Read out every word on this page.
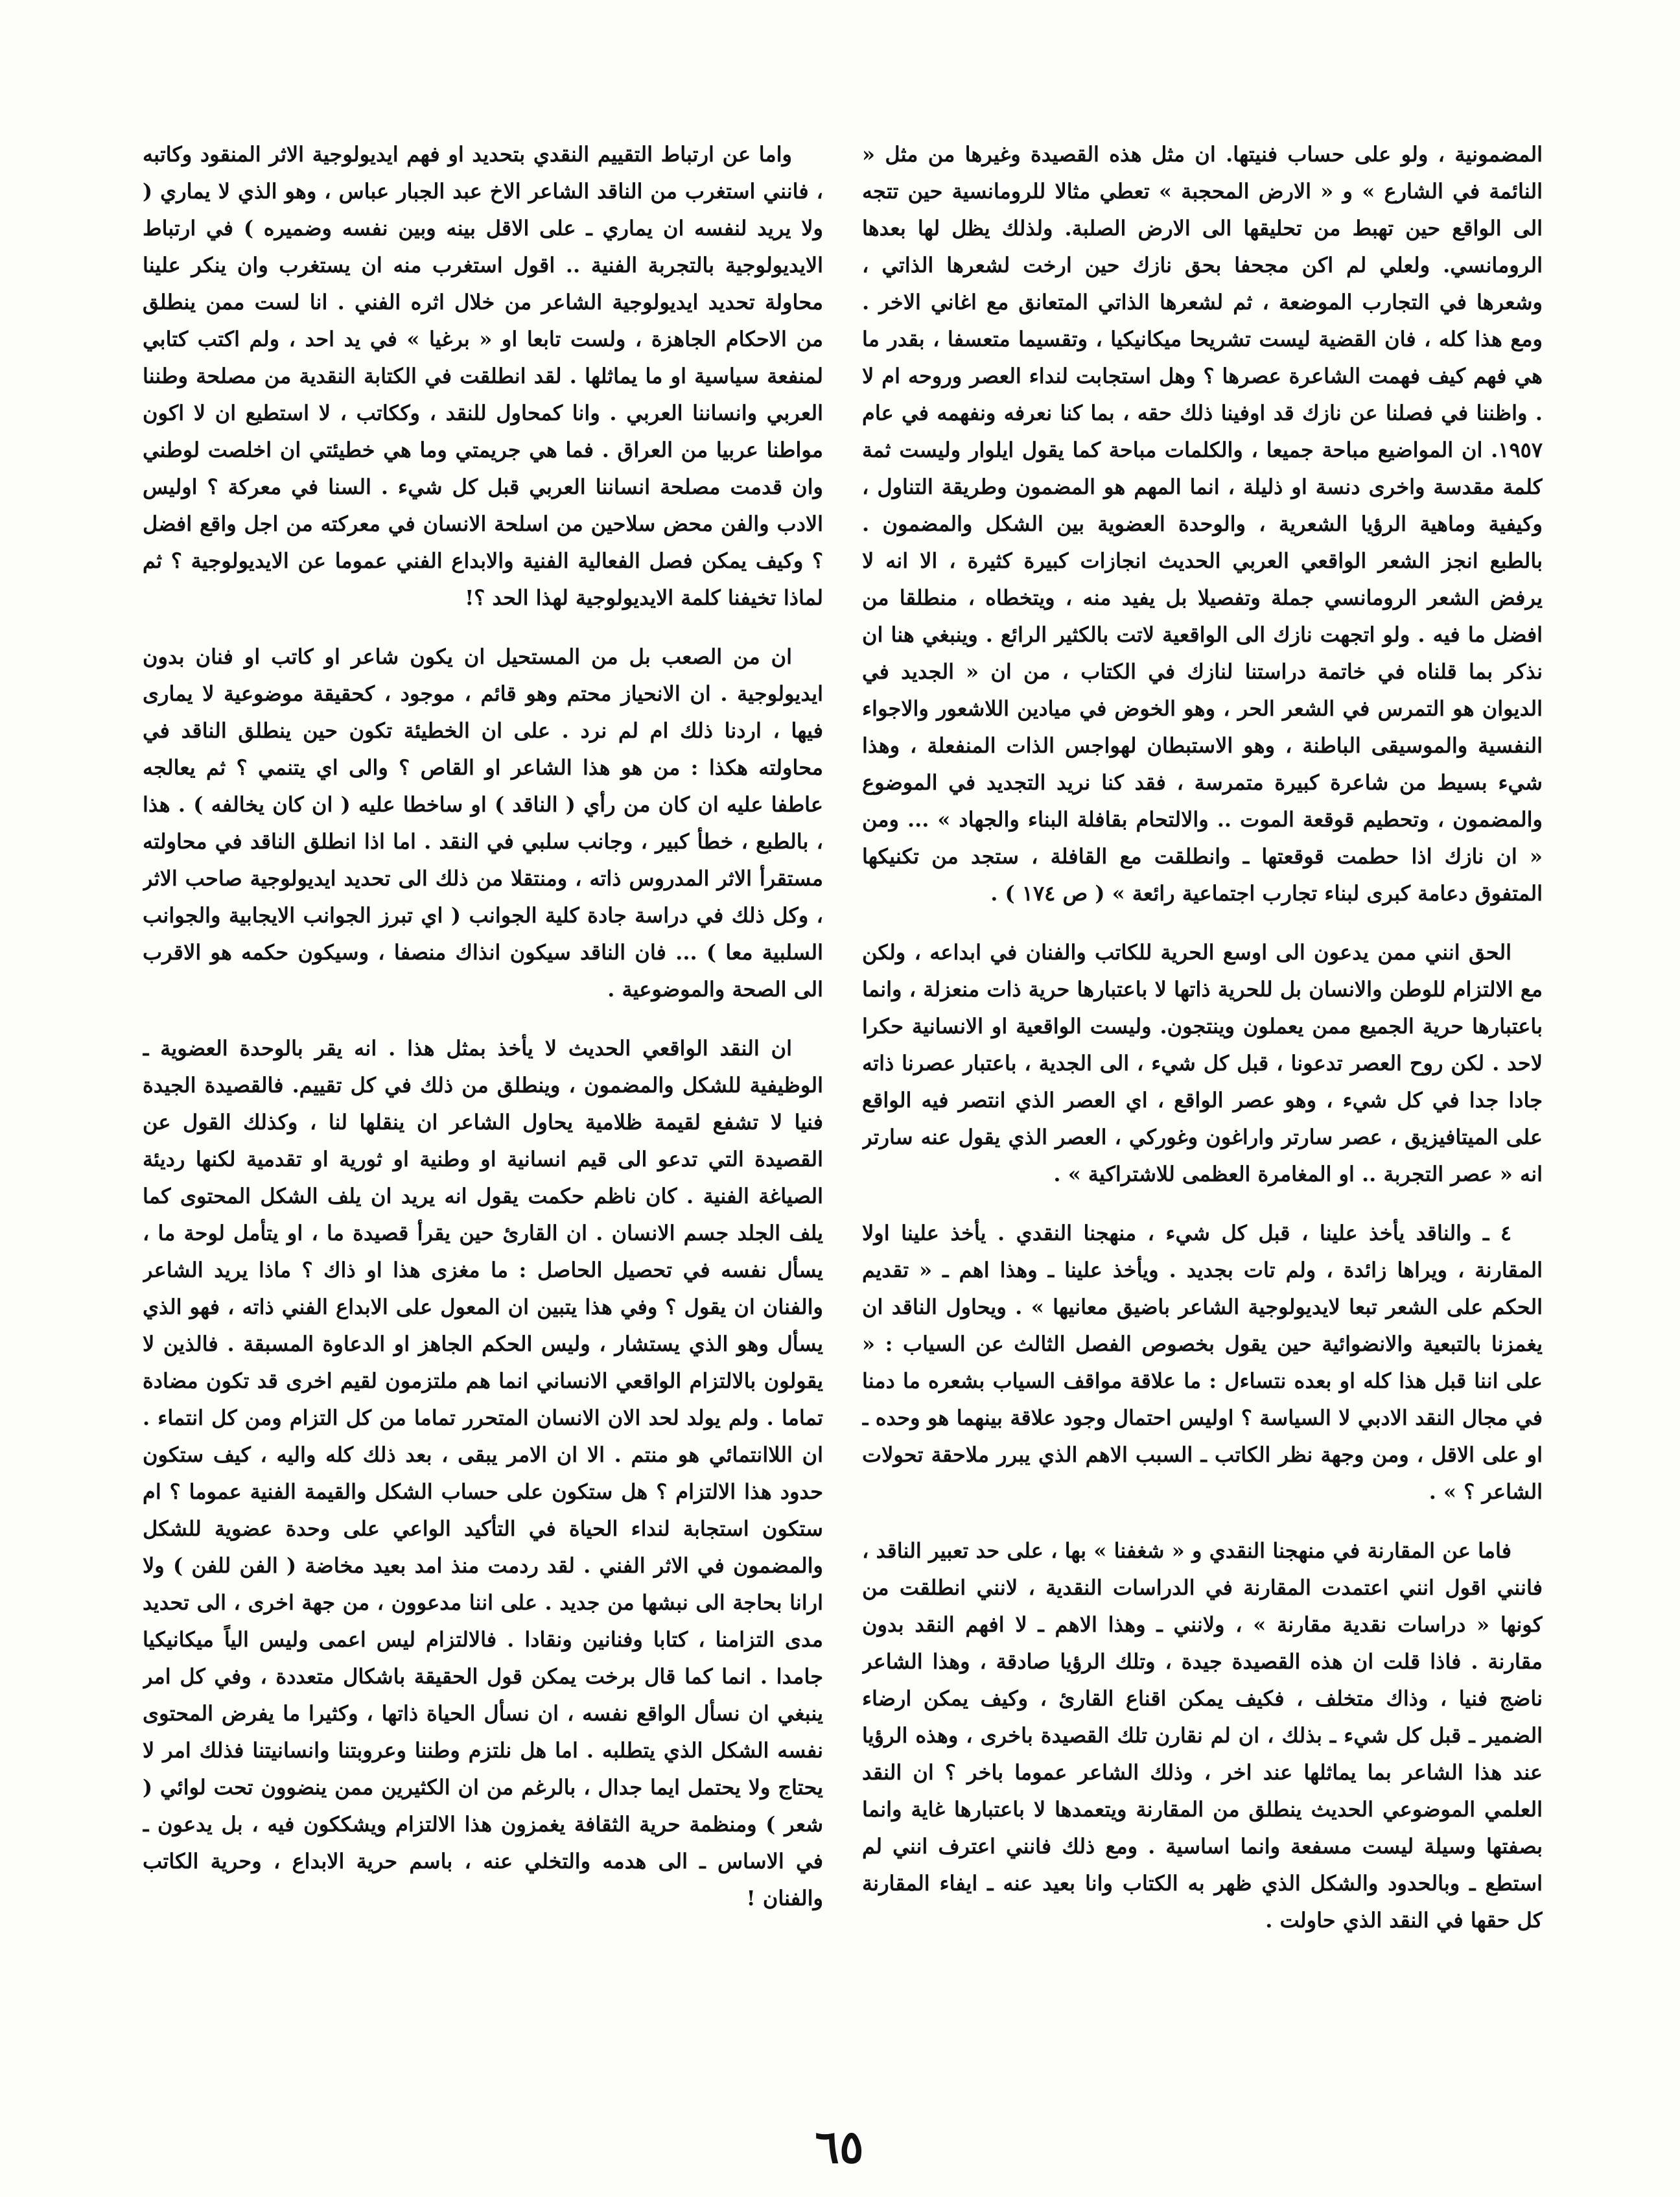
المضمونية ، ولو على حساب فنيتها. ان مثل هذه القصيدة وغيرها من مثل « النائمة في الشارع » و « الارض المحجبة » تعطي مثالا للرومانسية حين تتجه الى الواقع حين تهبط من تحليقها الى الارض الصلبة. ولذلك يظل لها بعدها الرومانسي. ولعلي لم اكن مجحفا بحق نازك حين ارخت لشعرها الذاتي ، وشعرها في التجارب الموضعة ، ثم لشعرها الذاتي المتعانق مع اغاني الاخر . ومع هذا كله ، فان القضية ليست تشريحا ميكانيكيا ، وتقسيما متعسفا ، بقدر ما هي فهم كيف فهمت الشاعرة عصرها ؟ وهل استجابت لنداء العصر وروحه ام لا . واظننا في فصلنا عن نازك قد اوفينا ذلك حقه ، بما كنا نعرفه ونفهمه في عام ١٩٥٧. ان المواضيع مباحة جميعا ، والكلمات مباحة كما يقول ايلوار وليست ثمة كلمة مقدسة واخرى دنسة او ذليلة ، انما المهم هو المضمون وطريقة التناول ، وكيفية وماهية الرؤيا الشعرية ، والوحدة العضوية بين الشكل والمضمون . بالطبع انجز الشعر الواقعي العربي الحديث انجازات كبيرة كثيرة ، الا انه لا يرفض الشعر الرومانسي جملة وتفصيلا بل يفيد منه ، ويتخطاه ، منطلقا من افضل ما فيه . ولو اتجهت نازك الى الواقعية لاتت بالكثير الرائع . وينبغي هنا ان نذكر بما قلناه في خاتمة دراستنا لنازك في الكتاب ، من ان « الجديد في الديوان هو التمرس في الشعر الحر ، وهو الخوض في ميادين اللاشعور والاجواء النفسية والموسيقى الباطنة ، وهو الاستبطان لهواجس الذات المنفعلة ، وهذا شيء بسيط من شاعرة كبيرة متمرسة ، فقد كنا نريد التجديد في الموضوع والمضمون ، وتحطيم قوقعة الموت .. والالتحام بقافلة البناء والجهاد » ... ومن « ان نازك اذا حطمت قوقعتها ـ وانطلقت مع القافلة ، ستجد من تكنيكها المتفوق دعامة كبرى لبناء تجارب اجتماعية رائعة » ( ص ١٧٤ ) .

الحق انني ممن يدعون الى اوسع الحرية للكاتب والفنان في ابداعه ، ولكن مع الالتزام للوطن والانسان بل للحرية ذاتها لا باعتبارها حرية ذات منعزلة ، وانما باعتبارها حرية الجميع ممن يعملون وينتجون. وليست الواقعية او الانسانية حكرا لاحد . لكن روح العصر تدعونا ، قبل كل شيء ، الى الجدية ، باعتبار عصرنا ذاته جادا جدا في كل شيء ، وهو عصر الواقع ، اي العصر الذي انتصر فيه الواقع على الميتافيزيق ، عصر سارتر واراغون وغوركي ، العصر الذي يقول عنه سارتر انه « عصر التجربة .. او المغامرة العظمى للاشتراكية » .

٤ ـ والناقد يأخذ علينا ، قبل كل شيء ، منهجنا النقدي . يأخذ علينا اولا المقارنة ، ويراها زائدة ، ولم تات بجديد . ويأخذ علينا ـ وهذا اهم ـ « تقديم الحكم على الشعر تبعا لايديولوجية الشاعر باضيق معانيها » . ويحاول الناقد ان يغمزنا بالتبعية والانضوائية حين يقول بخصوص الفصل الثالث عن السياب : « على اننا قبل هذا كله او بعده نتساءل : ما علاقة مواقف السياب بشعره ما دمنا في مجال النقد الادبي لا السياسة ؟ اوليس احتمال وجود علاقة بينهما هو وحده ـ او على الاقل ، ومن وجهة نظر الكاتب ـ السبب الاهم الذي يبرر ملاحقة تحولات الشاعر ؟ » .

فاما عن المقارنة في منهجنا النقدي و « شغفنا » بها ، على حد تعبير الناقد ، فانني اقول انني اعتمدت المقارنة في الدراسات النقدية ، لانني انطلقت من كونها « دراسات نقدية مقارنة » ، ولانني ـ وهذا الاهم ـ لا افهم النقد بدون مقارنة . فاذا قلت ان هذه القصيدة جيدة ، وتلك الرؤيا صادقة ، وهذا الشاعر ناضج فنيا ، وذاك متخلف ، فكيف يمكن اقناع القارئ ، وكيف يمكن ارضاء الضمير ـ قبل كل شيء ـ بذلك ، ان لم نقارن تلك القصيدة باخرى ، وهذه الرؤيا عند هذا الشاعر بما يماثلها عند اخر ، وذلك الشاعر عموما باخر ؟ ان النقد العلمي الموضوعي الحديث ينطلق من المقارنة ويتعمدها لا باعتبارها غاية وانما بصفتها وسيلة ليست مسفعة وانما اساسية . ومع ذلك فانني اعترف انني لم استطع ـ وبالحدود والشكل الذي ظهر به الكتاب وانا بعيد عنه ـ ايفاء المقارنة كل حقها في النقد الذي حاولت .

واما عن ارتباط التقييم النقدي بتحديد او فهم ايديولوجية الاثر المنقود وكاتبه ، فانني استغرب من الناقد الشاعر الاخ عبد الجبار عباس ، وهو الذي لا يماري ( ولا يريد لنفسه ان يماري ـ على الاقل بينه وبين نفسه وضميره ) في ارتباط الايديولوجية بالتجربة الفنية .. اقول استغرب منه ان يستغرب وان ينكر علينا محاولة تحديد ايديولوجية الشاعر من خلال اثره الفني . انا لست ممن ينطلق من الاحكام الجاهزة ، ولست تابعا او « برغيا » في يد احد ، ولم اكتب كتابي لمنفعة سياسية او ما يماثلها . لقد انطلقت في الكتابة النقدية من مصلحة وطننا العربي وانساننا العربي . وانا كمحاول للنقد ، وككاتب ، لا استطيع ان لا اكون مواطنا عربيا من العراق . فما هي جريمتي وما هي خطيئتي ان اخلصت لوطني وان قدمت مصلحة انساننا العربي قبل كل شيء . السنا في معركة ؟ اوليس الادب والفن محض سلاحين من اسلحة الانسان في معركته من اجل واقع افضل ؟ وكيف يمكن فصل الفعالية الفنية والابداع الفني عموما عن الايديولوجية ؟ ثم لماذا تخيفنا كلمة الايديولوجية لهذا الحد ؟!

ان من الصعب بل من المستحيل ان يكون شاعر او كاتب او فنان بدون ايديولوجية . ان الانحياز محتم وهو قائم ، موجود ، كحقيقة موضوعية لا يمارى فيها ، اردنا ذلك ام لم نرد . على ان الخطيئة تكون حين ينطلق الناقد في محاولته هكذا : من هو هذا الشاعر او القاص ؟ والى اي يتنمي ؟ ثم يعالجه عاطفا عليه ان كان من رأي ( الناقد ) او ساخطا عليه ( ان كان يخالفه ) . هذا ، بالطبع ، خطأ كبير ، وجانب سلبي في النقد . اما اذا انطلق الناقد في محاولته مستقرأ الاثر المدروس ذاته ، ومنتقلا من ذلك الى تحديد ايديولوجية صاحب الاثر ، وكل ذلك في دراسة جادة كلية الجوانب ( اي تبرز الجوانب الايجابية والجوانب السلبية معا ) ... فان الناقد سيكون انذاك منصفا ، وسيكون حكمه هو الاقرب الى الصحة والموضوعية .

ان النقد الواقعي الحديث لا يأخذ بمثل هذا . انه يقر بالوحدة العضوية ـ الوظيفية للشكل والمضمون ، وينطلق من ذلك في كل تقييم. فالقصيدة الجيدة فنيا لا تشفع لقيمة ظلامية يحاول الشاعر ان ينقلها لنا ، وكذلك القول عن القصيدة التي تدعو الى قيم انسانية او وطنية او ثورية او تقدمية لكنها رديئة الصياغة الفنية . كان ناظم حكمت يقول انه يريد ان يلف الشكل المحتوى كما يلف الجلد جسم الانسان . ان القارئ حين يقرأ قصيدة ما ، او يتأمل لوحة ما ، يسأل نفسه في تحصيل الحاصل : ما مغزى هذا او ذاك ؟ ماذا يريد الشاعر والفنان ان يقول ؟ وفي هذا يتبين ان المعول على الابداع الفني ذاته ، فهو الذي يسأل وهو الذي يستشار ، وليس الحكم الجاهز او الدعاوة المسبقة . فالذين لا يقولون بالالتزام الواقعي الانساني انما هم ملتزمون لقيم اخرى قد تكون مضادة تماما . ولم يولد لحد الان الانسان المتحرر تماما من كل التزام ومن كل انتماء . ان اللاانتمائي هو منتم . الا ان الامر يبقى ، بعد ذلك كله واليه ، كيف ستكون حدود هذا الالتزام ؟ هل ستكون على حساب الشكل والقيمة الفنية عموما ؟ ام ستكون استجابة لنداء الحياة في التأكيد الواعي على وحدة عضوية للشكل والمضمون في الاثر الفني . لقد ردمت منذ امد بعيد مخاضة ( الفن للفن ) ولا ارانا بحاجة الى نبشها من جديد . على اننا مدعوون ، من جهة اخرى ، الى تحديد مدى التزامنا ، كتابا وفنانين ونقادا . فالالتزام ليس اعمى وليس الياً ميكانيكيا جامدا . انما كما قال برخت يمكن قول الحقيقة باشكال متعددة ، وفي كل امر ينبغي ان نسأل الواقع نفسه ، ان نسأل الحياة ذاتها ، وكثيرا ما يفرض المحتوى نفسه الشكل الذي يتطلبه . اما هل نلتزم وطننا وعروبتنا وانسانيتنا فذلك امر لا يحتاج ولا يحتمل ايما جدال ، بالرغم من ان الكثيرين ممن ينضوون تحت لوائي ( شعر ) ومنظمة حرية الثقافة يغمزون هذا الالتزام ويشككون فيه ، بل يدعون ـ في الاساس ـ الى هدمه والتخلي عنه ، باسم حرية الابداع ، وحرية الكاتب والفنان !

٦٥
